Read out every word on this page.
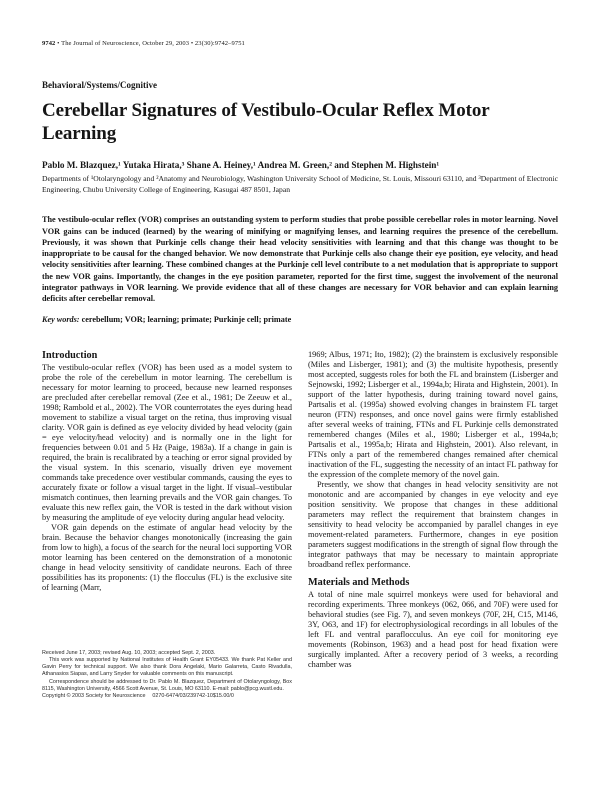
9742 • The Journal of Neuroscience, October 29, 2003 • 23(30):9742–9751
Behavioral/Systems/Cognitive
Cerebellar Signatures of Vestibulo-Ocular Reflex Motor Learning
Pablo M. Blazquez,¹ Yutaka Hirata,³ Shane A. Heiney,¹ Andrea M. Green,² and Stephen M. Highstein¹
Departments of ¹Otolaryngology and ²Anatomy and Neurobiology, Washington University School of Medicine, St. Louis, Missouri 63110, and ³Department of Electronic Engineering, Chubu University College of Engineering, Kasugai 487 8501, Japan
The vestibulo-ocular reflex (VOR) comprises an outstanding system to perform studies that probe possible cerebellar roles in motor learning. Novel VOR gains can be induced (learned) by the wearing of minifying or magnifying lenses, and learning requires the presence of the cerebellum. Previously, it was shown that Purkinje cells change their head velocity sensitivities with learning and that this change was thought to be inappropriate to be causal for the changed behavior. We now demonstrate that Purkinje cells also change their eye position, eye velocity, and head velocity sensitivities after learning. These combined changes at the Purkinje cell level contribute to a net modulation that is appropriate to support the new VOR gains. Importantly, the changes in the eye position parameter, reported for the first time, suggest the involvement of the neuronal integrator pathways in VOR learning. We provide evidence that all of these changes are necessary for VOR behavior and can explain learning deficits after cerebellar removal.
Key words: cerebellum; VOR; learning; primate; Purkinje cell; primate
Introduction

The vestibulo-ocular reflex (VOR) has been used as a model system to probe the role of the cerebellum in motor learning. The cerebellum is necessary for motor learning to proceed, because new learned responses are precluded after cerebellar removal (Zee et al., 1981; De Zeeuw et al., 1998; Rambold et al., 2002). The VOR counterrotates the eyes during head movement to stabilize a visual target on the retina, thus improving visual clarity. VOR gain is defined as eye velocity divided by head velocity (gain = eye velocity/head velocity) and is normally one in the light for frequencies between 0.01 and 5 Hz (Paige, 1983a). If a change in gain is required, the brain is recalibrated by a teaching or error signal provided by the visual system. In this scenario, visually driven eye movement commands take precedence over vestibular commands, causing the eyes to accurately fixate or follow a visual target in the light. If visual–vestibular mismatch continues, then learning prevails and the VOR gain changes. To evaluate this new reflex gain, the VOR is tested in the dark without vision by measuring the amplitude of eye velocity during angular head velocity.

VOR gain depends on the estimate of angular head velocity by the brain. Because the behavior changes monotonically (increasing the gain from low to high), a focus of the search for the neural loci supporting VOR motor learning has been centered on the demonstration of a monotonic change in head velocity sensitivity of candidate neurons. Each of three possibilities has its proponents: (1) the flocculus (FL) is the exclusive site of learning (Marr,

Received June 17, 2003; revised Aug. 10, 2003; accepted Sept. 2, 2003.

This work was supported by National Institutes of Health Grant EY05433. We thank Pat Keller and Gavin Perry for technical support. We also thank Dora Angelaki, Mario Galarreta, Casto Rivadulla, Athanasios Siapas, and Larry Snyder for valuable comments on this manuscript.

Correspondence should be addressed to Dr. Pablo M. Blazquez, Department of Otolaryngology, Box 8115, Washington University, 4566 Scott Avenue, St. Louis, MO 63110. E-mail: pablo@pcg.wustl.edu.

Copyright © 2003 Society for Neuroscience  0270-6474/03/239742-10$15.00/0

1969; Albus, 1971; Ito, 1982); (2) the brainstem is exclusively responsible (Miles and Lisberger, 1981); and (3) the multisite hypothesis, presently most accepted, suggests roles for both the FL and brainstem (Lisberger and Sejnowski, 1992; Lisberger et al., 1994a,b; Hirata and Highstein, 2001). In support of the latter hypothesis, during training toward novel gains, Partsalis et al. (1995a) showed evolving changes in brainstem FL target neuron (FTN) responses, and once novel gains were firmly established after several weeks of training, FTNs and FL Purkinje cells demonstrated remembered changes (Miles et al., 1980; Lisberger et al., 1994a,b; Partsalis et al., 1995a,b; Hirata and Highstein, 2001). Also relevant, in FTNs only a part of the remembered changes remained after chemical inactivation of the FL, suggesting the necessity of an intact FL pathway for the expression of the complete memory of the novel gain.

Presently, we show that changes in head velocity sensitivity are not monotonic and are accompanied by changes in eye velocity and eye position sensitivity. We propose that changes in these additional parameters may reflect the requirement that brainstem changes in sensitivity to head velocity be accompanied by parallel changes in eye movement-related parameters. Furthermore, changes in eye position parameters suggest modifications in the strength of signal flow through the integrator pathways that may be necessary to maintain appropriate broadband reflex performance.

Materials and Methods

A total of nine male squirrel monkeys were used for behavioral and recording experiments. Three monkeys (062, 066, and 70F) were used for behavioral studies (see Fig. 7), and seven monkeys (70F, 2H, C15, M146, 3Y, O63, and 1F) for electrophysiological recordings in all lobules of the left FL and ventral paraflocculus. An eye coil for monitoring eye movements (Robinson, 1963) and a head post for head fixation were surgically implanted. After a recovery period of 3 weeks, a recording chamber was
